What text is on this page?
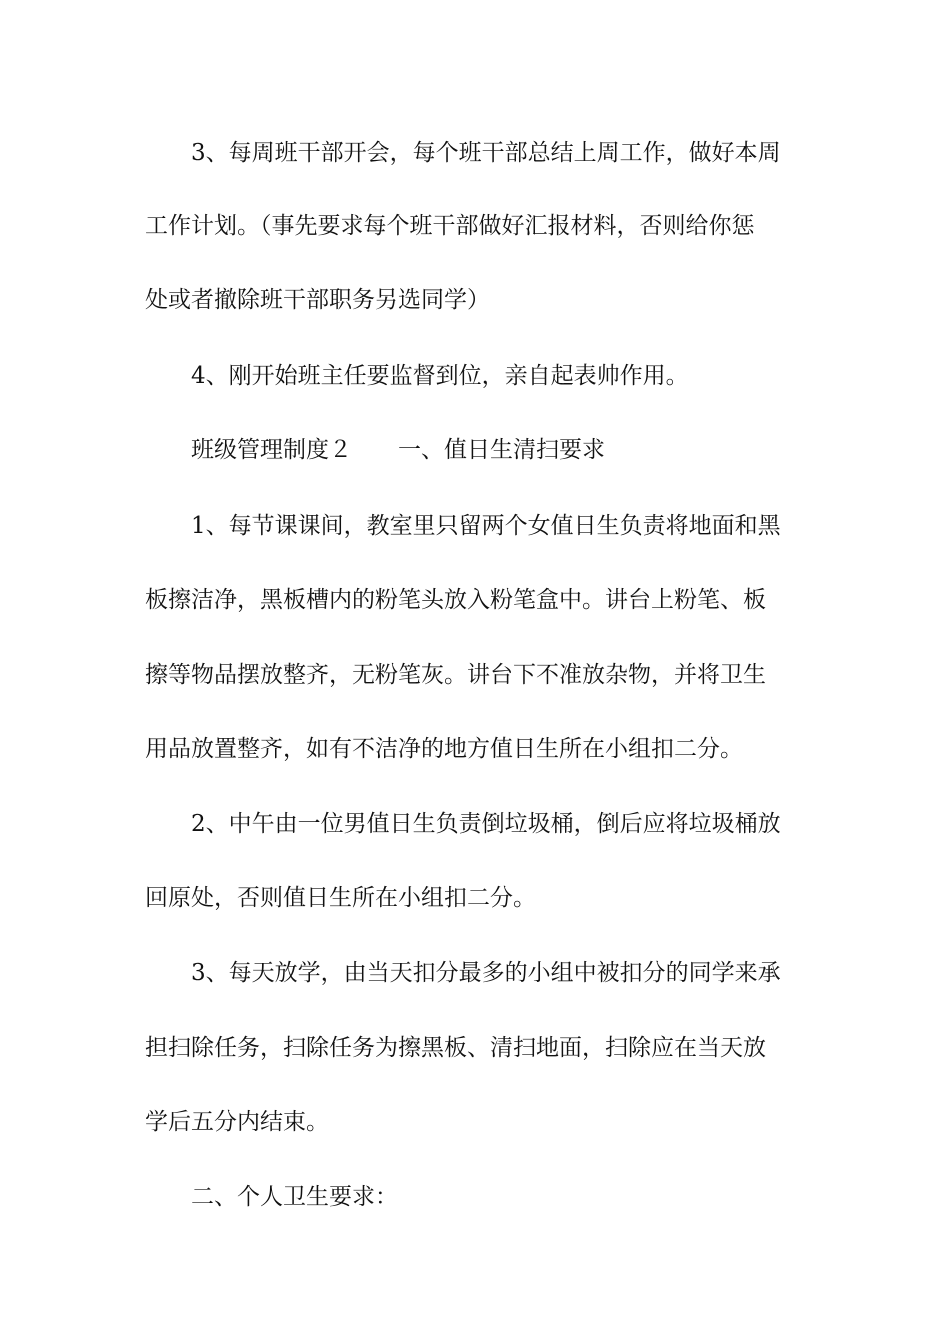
3、每周班干部开会，每个班干部总结上周工作，做好本周
工作计划。（事先要求每个班干部做好汇报材料，否则给你惩
处或者撤除班干部职务另选同学）
4、刚开始班主任要监督到位，亲自起表帅作用。
班级管理制度２ 一、值日生清扫要求
1、每节课课间，教室里只留两个女值日生负责将地面和黑
板擦洁净，黑板槽内的粉笔头放入粉笔盒中。讲台上粉笔、板
擦等物品摆放整齐，无粉笔灰。讲台下不准放杂物，并将卫生
用品放置整齐，如有不洁净的地方值日生所在小组扣二分。
2、中午由一位男值日生负责倒垃圾桶，倒后应将垃圾桶放
回原处，否则值日生所在小组扣二分。
3、每天放学，由当天扣分最多的小组中被扣分的同学来承
担扫除任务，扫除任务为擦黑板、清扫地面，扫除应在当天放
学后五分内结束。
二、个人卫生要求：
